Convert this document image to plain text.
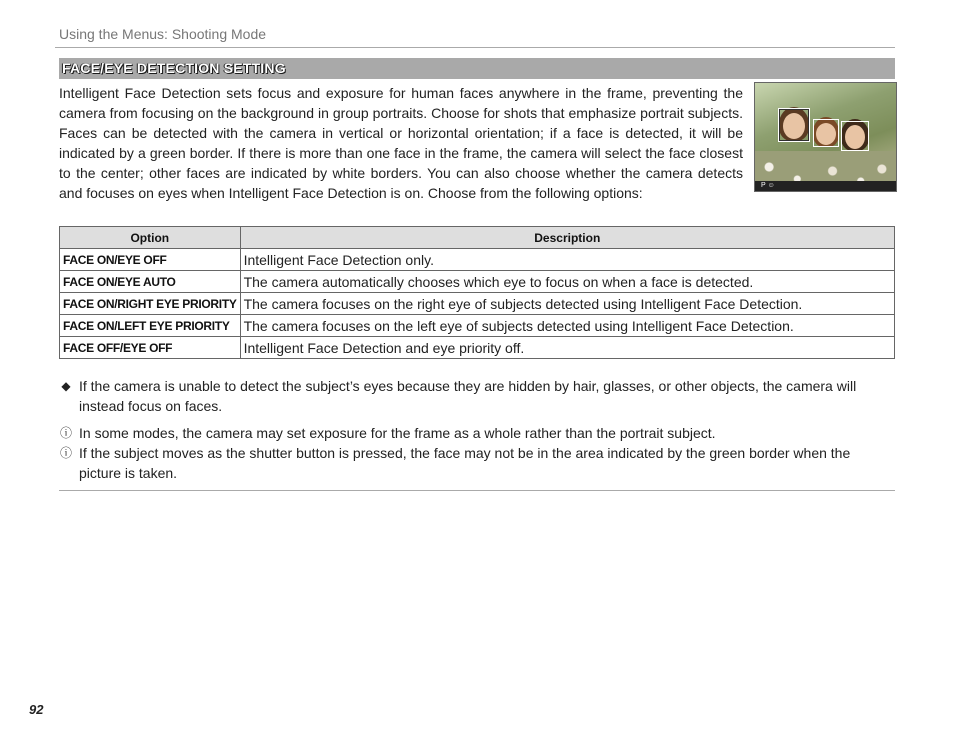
Using the Menus: Shooting Mode
FACE/EYE DETECTION SETTING
Intelligent Face Detection sets focus and exposure for human faces anywhere in the frame, preventing the camera from focusing on the background in group portraits. Choose for shots that emphasize portrait subjects. Faces can be detected with the camera in vertical or horizontal orientation; if a face is detected, it will be indicated by a green border. If there is more than one face in the frame, the camera will select the face closest to the center; other faces are indicated by white borders. You can also choose whether the camera detects and focuses on eyes when Intelligent Face Detection is on. Choose from the following options:	P ☺
Option	Description
FACE ON/EYE OFF	Intelligent Face Detection only.
FACE ON/EYE AUTO	The camera automatically chooses which eye to focus on when a face is detected.
FACE ON/RIGHT EYE PRIORITY	The camera focuses on the right eye of subjects detected using Intelligent Face Detection.
FACE ON/LEFT EYE PRIORITY	The camera focuses on the left eye of subjects detected using Intelligent Face Detection.
FACE OFF/EYE OFF	Intelligent Face Detection and eye priority off.
◆ If the camera is unable to detect the subject’s eyes because they are hidden by hair, glasses, or other objects, the camera will instead focus on faces.
ⓘ In some modes, the camera may set exposure for the frame as a whole rather than the portrait subject.
ⓘ If the subject moves as the shutter button is pressed, the face may not be in the area indicated by the green border when the picture is taken.
92
